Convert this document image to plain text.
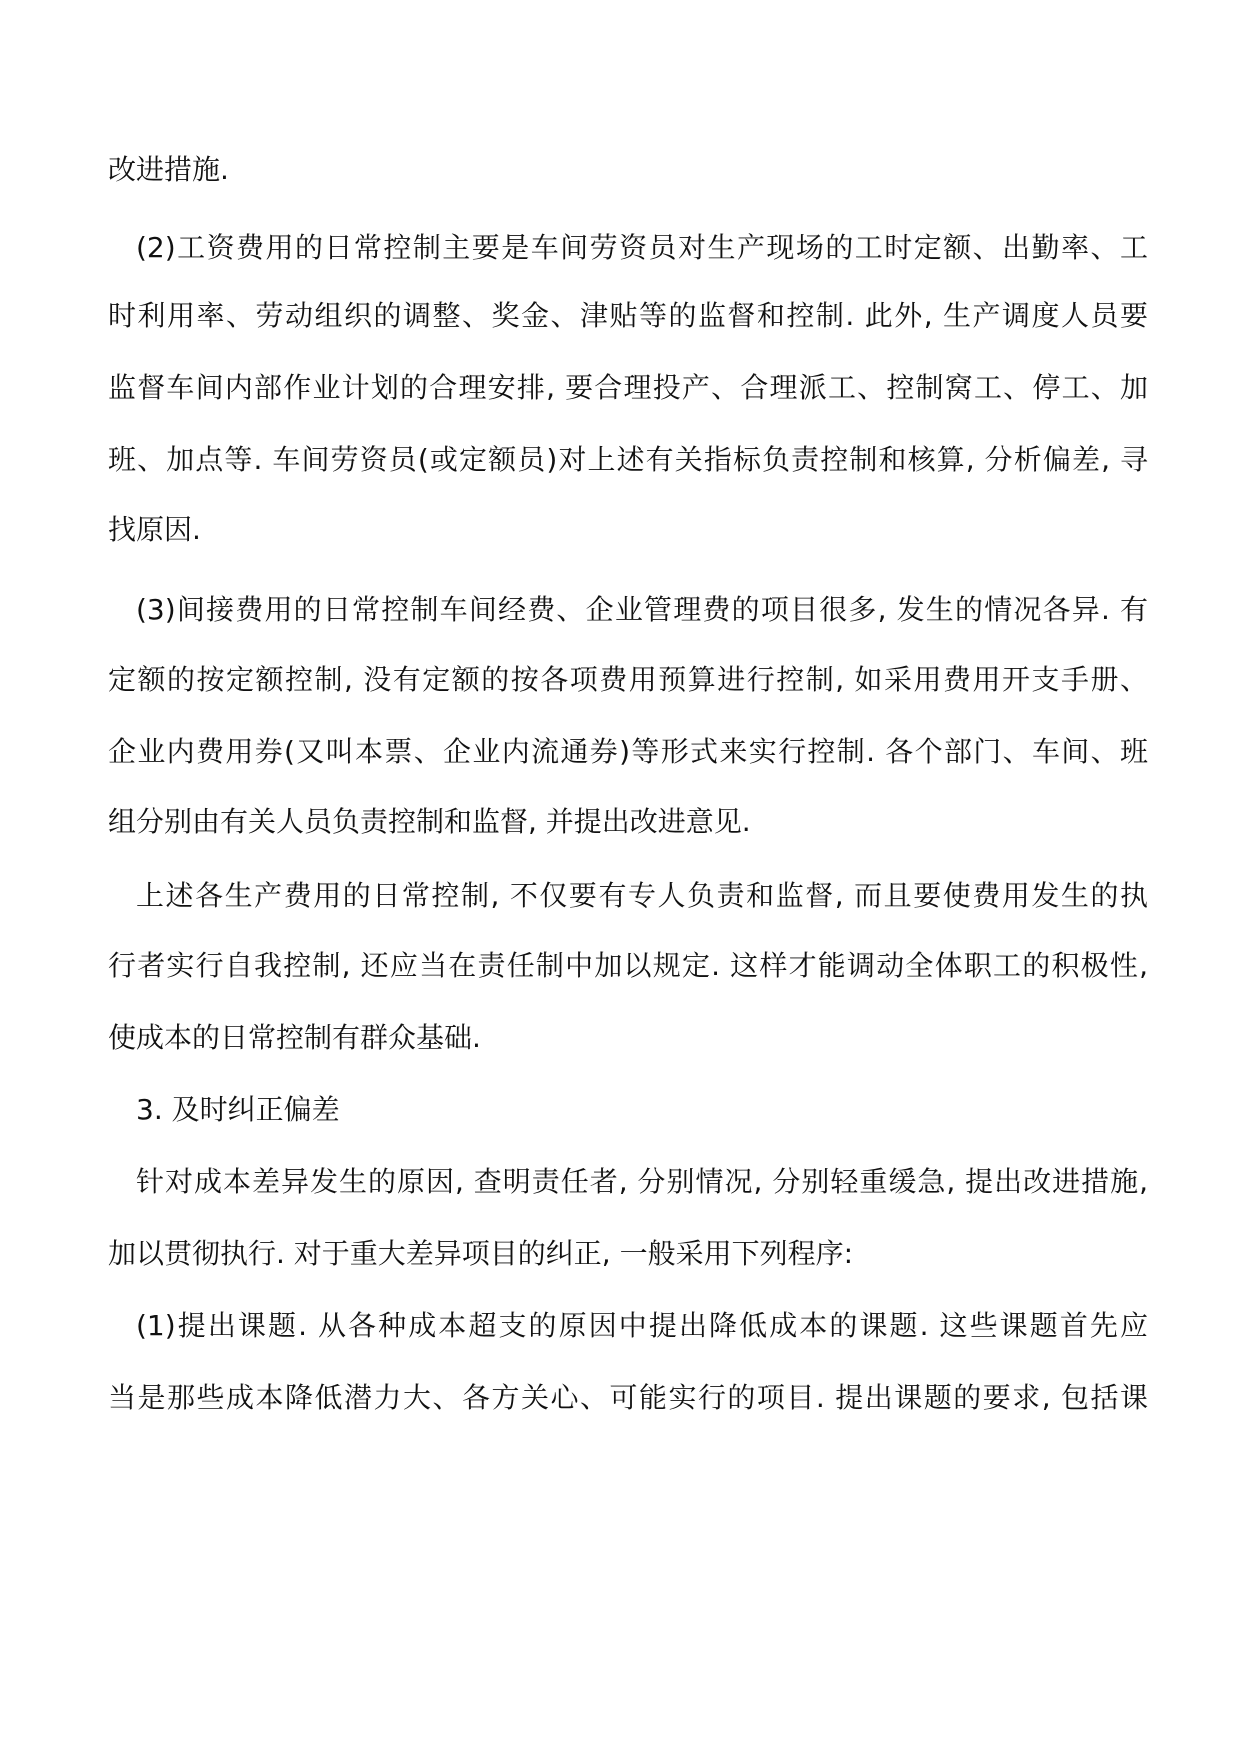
改进措施.

(2)工资费用的日常控制主要是车间劳资员对生产现场的工时定额、出勤率、工

时利用率、劳动组织的调整、奖金、津贴等的监督和控制. 此外, 生产调度人员要

监督车间内部作业计划的合理安排, 要合理投产、合理派工、控制窝工、停工、加

班、加点等. 车间劳资员(或定额员)对上述有关指标负责控制和核算, 分析偏差, 寻

找原因.

(3)间接费用的日常控制车间经费、企业管理费的项目很多, 发生的情况各异. 有

定额的按定额控制, 没有定额的按各项费用预算进行控制, 如采用费用开支手册、

企业内费用券(又叫本票、企业内流通券)等形式来实行控制. 各个部门、车间、班

组分别由有关人员负责控制和监督, 并提出改进意见.

上述各生产费用的日常控制, 不仅要有专人负责和监督, 而且要使费用发生的执

行者实行自我控制, 还应当在责任制中加以规定. 这样才能调动全体职工的积极性,

使成本的日常控制有群众基础.

3. 及时纠正偏差

针对成本差异发生的原因, 查明责任者, 分别情况, 分别轻重缓急, 提出改进措施,

加以贯彻执行. 对于重大差异项目的纠正, 一般采用下列程序:

(1)提出课题. 从各种成本超支的原因中提出降低成本的课题. 这些课题首先应

当是那些成本降低潜力大、各方关心、可能实行的项目. 提出课题的要求, 包括课
